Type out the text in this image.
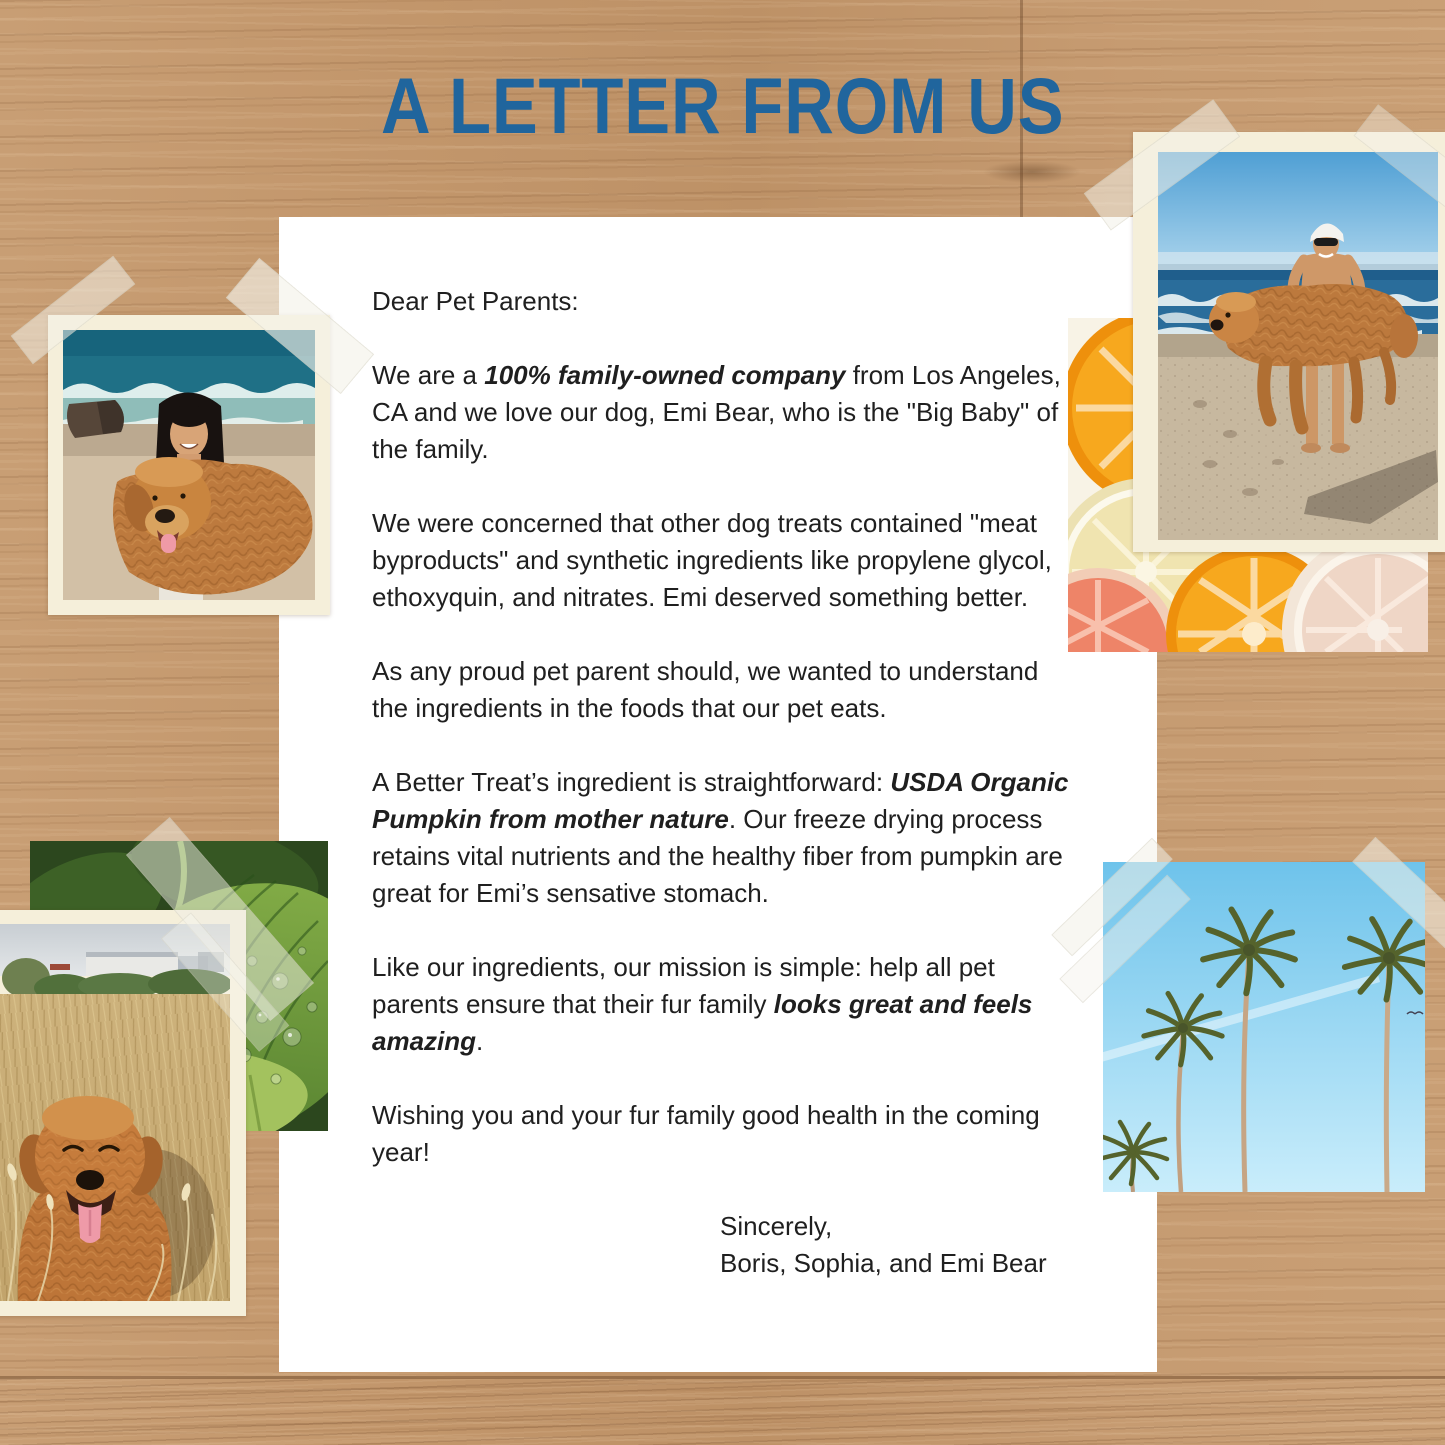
A LETTER FROM US

Dear Pet Parents:

We are a 100% family-owned company from Los Angeles, CA and we love our dog, Emi Bear, who is the "Big Baby" of the family.

We were concerned that other dog treats contained "meat byproducts" and synthetic ingredients like propylene glycol, ethoxyquin, and nitrates. Emi deserved something better.

As any proud pet parent should, we wanted to understand the ingredients in the foods that our pet eats.

A Better Treat’s ingredient is straightforward: USDA Organic Pumpkin from mother nature. Our freeze drying process retains vital nutrients and the healthy fiber from pumpkin are great for Emi’s sensative stomach.

Like our ingredients, our mission is simple: help all pet parents ensure that their fur family looks great and feels amazing.

Wishing you and your fur family good health in the coming year!

Sincerely,
Boris, Sophia, and Emi Bear
